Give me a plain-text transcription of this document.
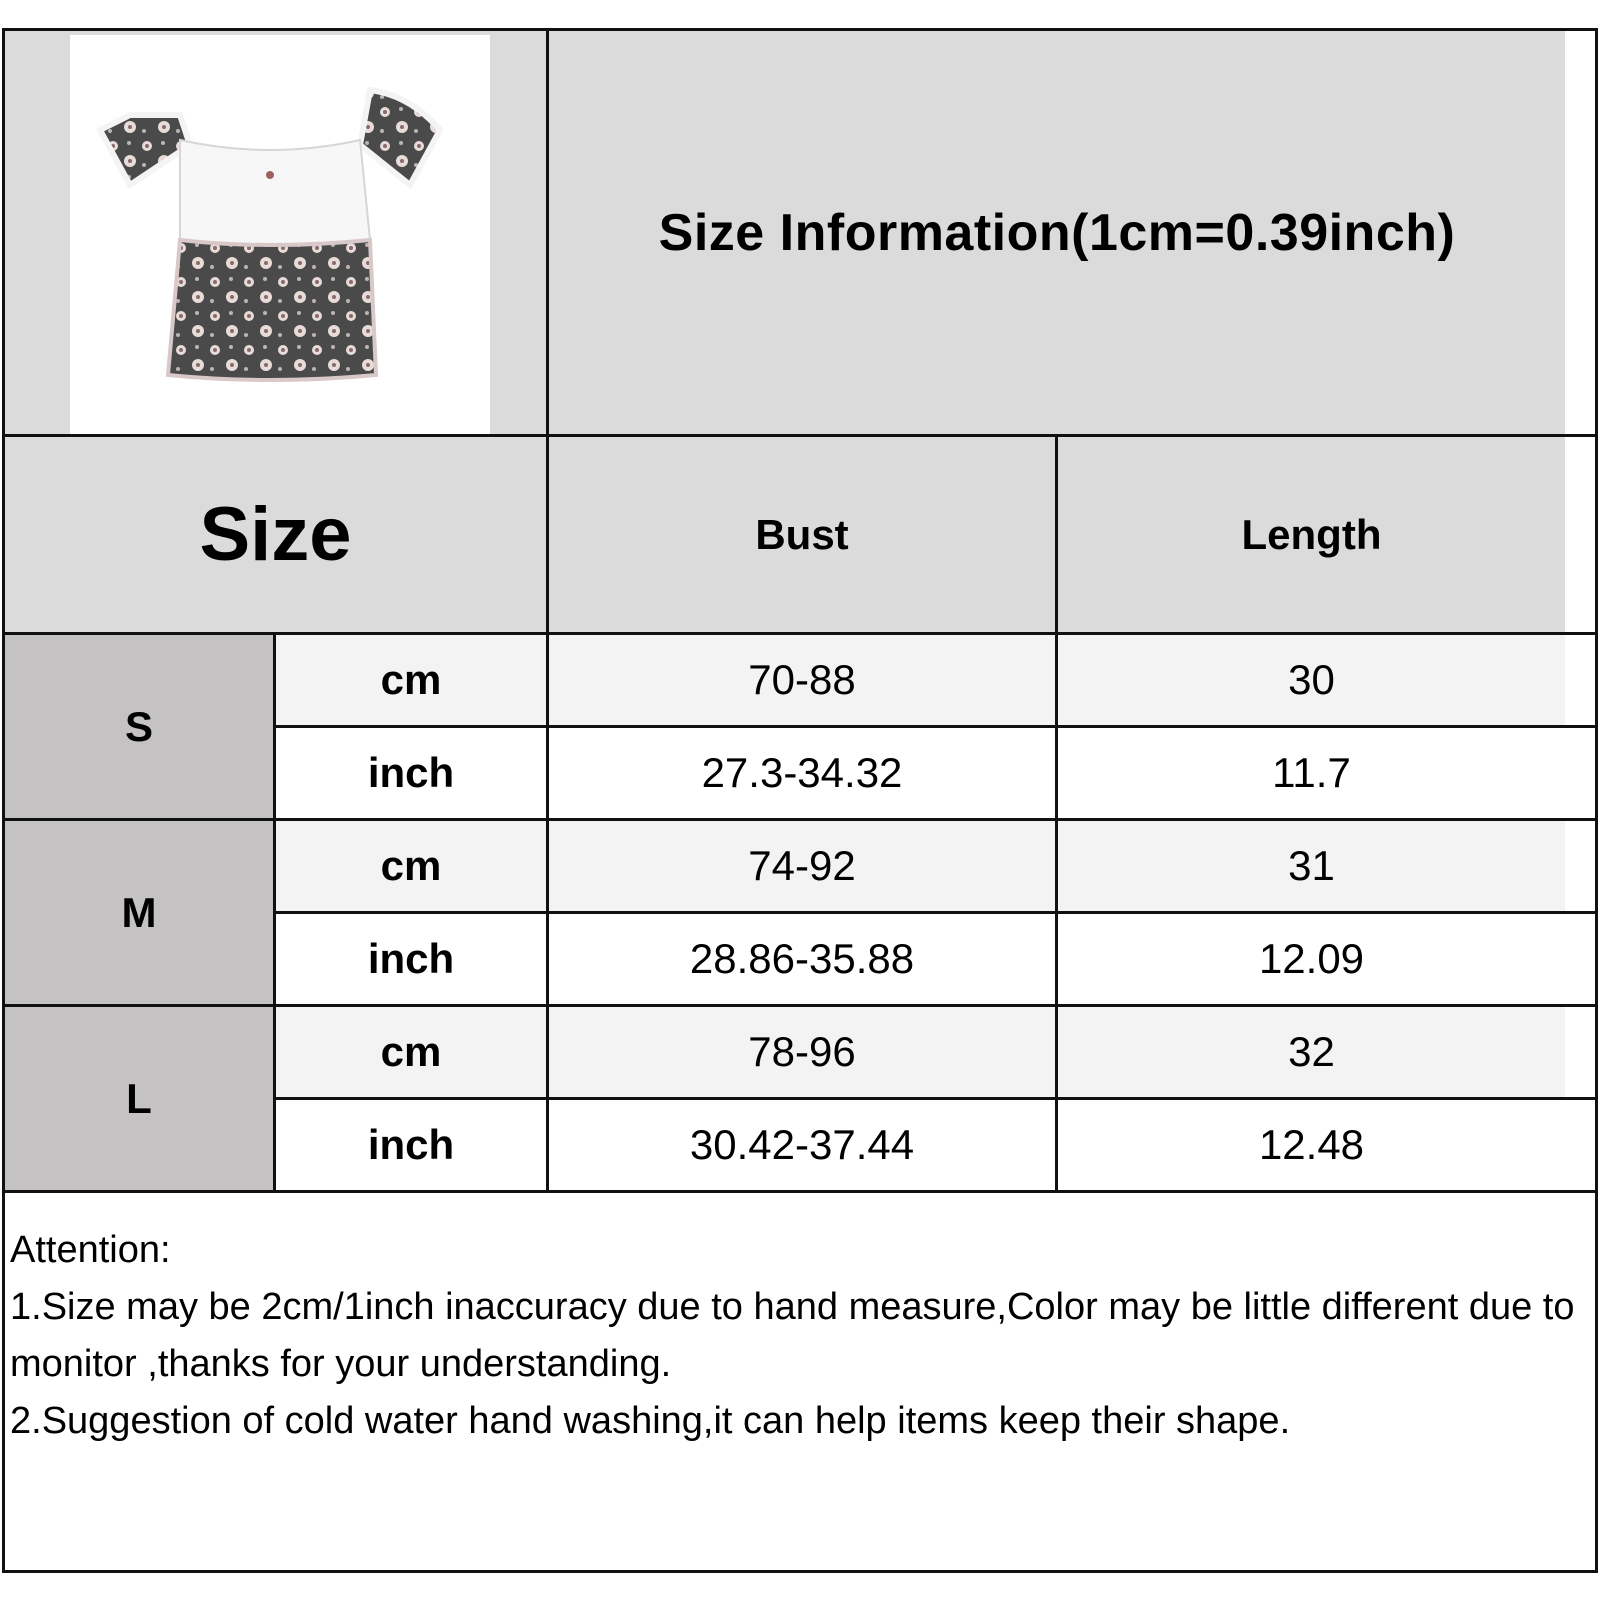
Size Information(1cm=0.39inch)
Size	Bust	Length
S
cm	70-88	30
inch	27.3-34.32	11.7
M
cm	74-92	31
inch	28.86-35.88	12.09
L
cm	78-96	32
inch	30.42-37.44	12.48

Attention:

1.Size may be 2cm/1inch inaccuracy due to hand measure,Color may be little different due to monitor ,thanks for your understanding.

2.Suggestion of cold water hand washing,it can help items keep their shape.
